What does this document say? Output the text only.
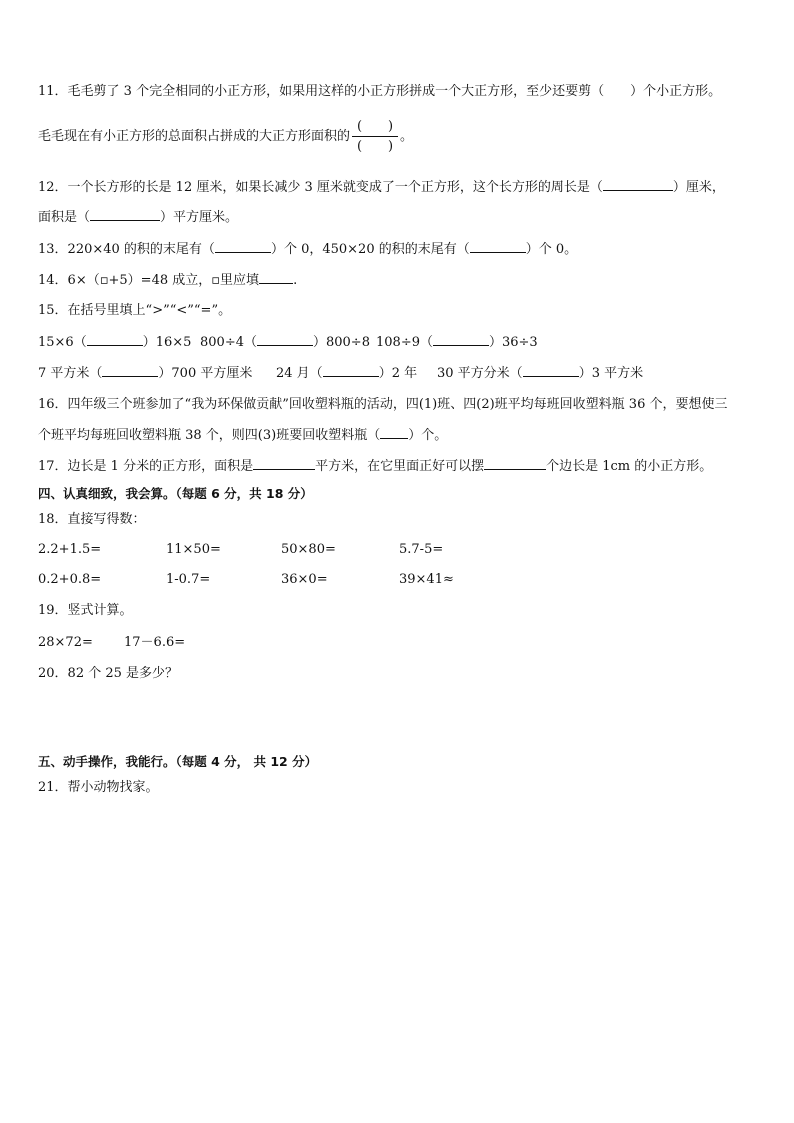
11．毛毛剪了 3 个完全相同的小正方形，如果用这样的小正方形拼成一个大正方形，至少还要剪（　　）个小正方形。
毛毛现在有小正方形的总面积占拼成的大正方形面积的 $\frac{( )}{( )}$ 。
12．一个长方形的长是 12 厘米，如果长减少 3 厘米就变成了一个正方形，这个长方形的周长是（	）厘米，
面积是（	）平方厘米。
13．220×40 的积的末尾有（	）个 0，450×20 的积的末尾有（	）个 0。
14．6×（▫+5）=48 成立，▫里应填	.
15．在括号里填上“>”“<”“=”。
15×6（	）16×5 800÷4（	）800÷8 108÷9（	）36÷3
7 平方米（	）700 平方厘米 24 月（	）2 年 30 平方分米（	）3 平方米
16．四年级三个班参加了“我为环保做贡献”回收塑料瓶的活动，四(1)班、四(2)班平均每班回收塑料瓶 36 个，要想使三
个班平均每班回收塑料瓶 38 个，则四(3)班要回收塑料瓶（ ）个。
17．边长是 1 分米的正方形，面积是	平方米，在它里面正好可以摆	个边长是 1cm 的小正方形。
四、认真细致，我会算。（每题 6 分，共 18 分）
18．直接写得数：
2.2+1.5=	11×50=	50×80=	5.7-5=
0.2+0.8=	1-0.7=	36×0=	39×41≈
19．竖式计算。
28×72= 17－6.6=
20．82 个 25 是多少？
五、动手操作，我能行。（每题 4 分， 共 12 分）
21．帮小动物找家。
